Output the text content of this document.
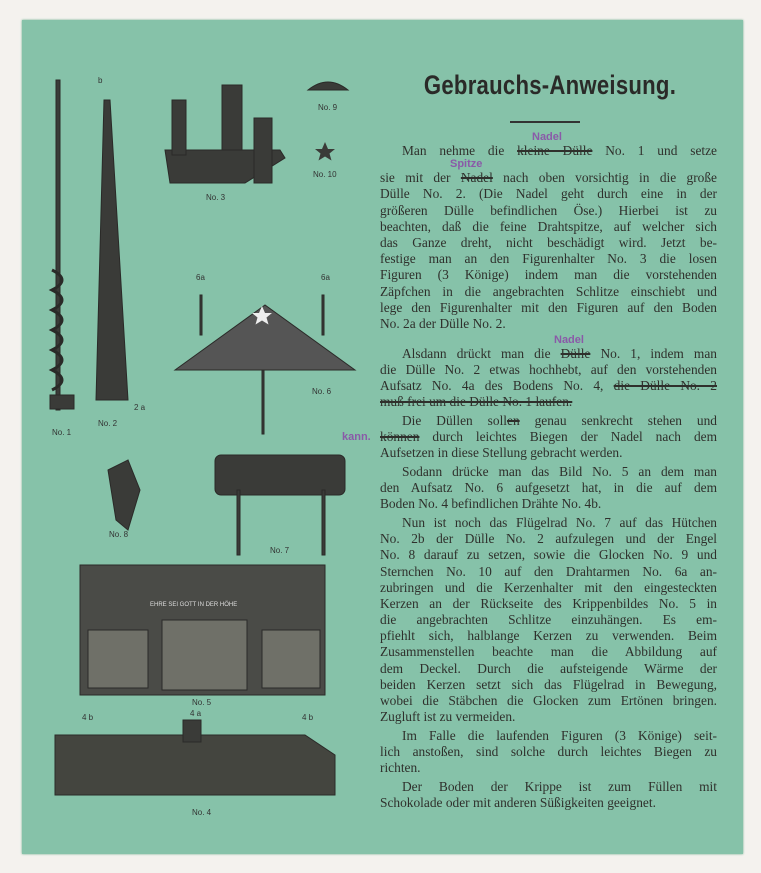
No. 1
b
No. 2
2 a
No. 3
No. 9
No. 10
6a	6a
No. 6
No. 8
No. 7
No. 5
4 b	4 a	4 b
No. 4
EHRE SEI GOTT IN DER HÖHE
Gebrauchs-Anweisung.
Man nehme die kleine Dülle No. 1 und setze
Nadel
sie mit der Nadel nach oben vorsichtig in die große
Spitze
Dülle No. 2. (Die Nadel geht durch eine in der
größeren Dülle befindlichen Öse.) Hierbei ist zu
beachten, daß die feine Drahtspitze, auf welcher sich
das Ganze dreht, nicht beschädigt wird. Jetzt be-
festige man an den Figurenhalter No. 3 die losen
Figuren (3 Könige) indem man die vorstehenden
Zäpfchen in die angebrachten Schlitze einschiebt und
lege den Figurenhalter mit den Figuren auf den Boden
No. 2a der Dülle No. 2.
Alsdann drückt man die Dülle No. 1, indem man
Nadel
die Dülle No. 2 etwas hochhebt, auf den vorstehenden
Aufsatz No. 4a des Bodens No. 4, die Dülle No. 2
muß frei um die Dülle No. 1 laufen.
Die Düllen sollen genau senkrecht stehen und
können durch leichtes Biegen der Nadel nach dem
kann.
Aufsetzen in diese Stellung gebracht werden.
Sodann drücke man das Bild No. 5 an dem man
den Aufsatz No. 6 aufgesetzt hat, in die auf dem
Boden No. 4 befindlichen Drähte No. 4b.
Nun ist noch das Flügelrad No. 7 auf das Hütchen
No. 2b der Dülle No. 2 aufzulegen und der Engel
No. 8 darauf zu setzen, sowie die Glocken No. 9 und
Sternchen No. 10 auf den Drahtarmen No. 6a an-
zubringen und die Kerzenhalter mit den eingesteckten
Kerzen an der Rückseite des Krippenbildes No. 5 in
die angebrachten Schlitze einzuhängen. Es em-
pfiehlt sich, halblange Kerzen zu verwenden. Beim
Zusammenstellen beachte man die Abbildung auf
dem Deckel. Durch die aufsteigende Wärme der
beiden Kerzen setzt sich das Flügelrad in Bewegung,
wobei die Stäbchen die Glocken zum Ertönen bringen.
Zugluft ist zu vermeiden.
Im Falle die laufenden Figuren (3 Könige) seit-
lich anstoßen, sind solche durch leichtes Biegen zu
richten.
Der Boden der Krippe ist zum Füllen mit
Schokolade oder mit anderen Süßigkeiten geeignet.
